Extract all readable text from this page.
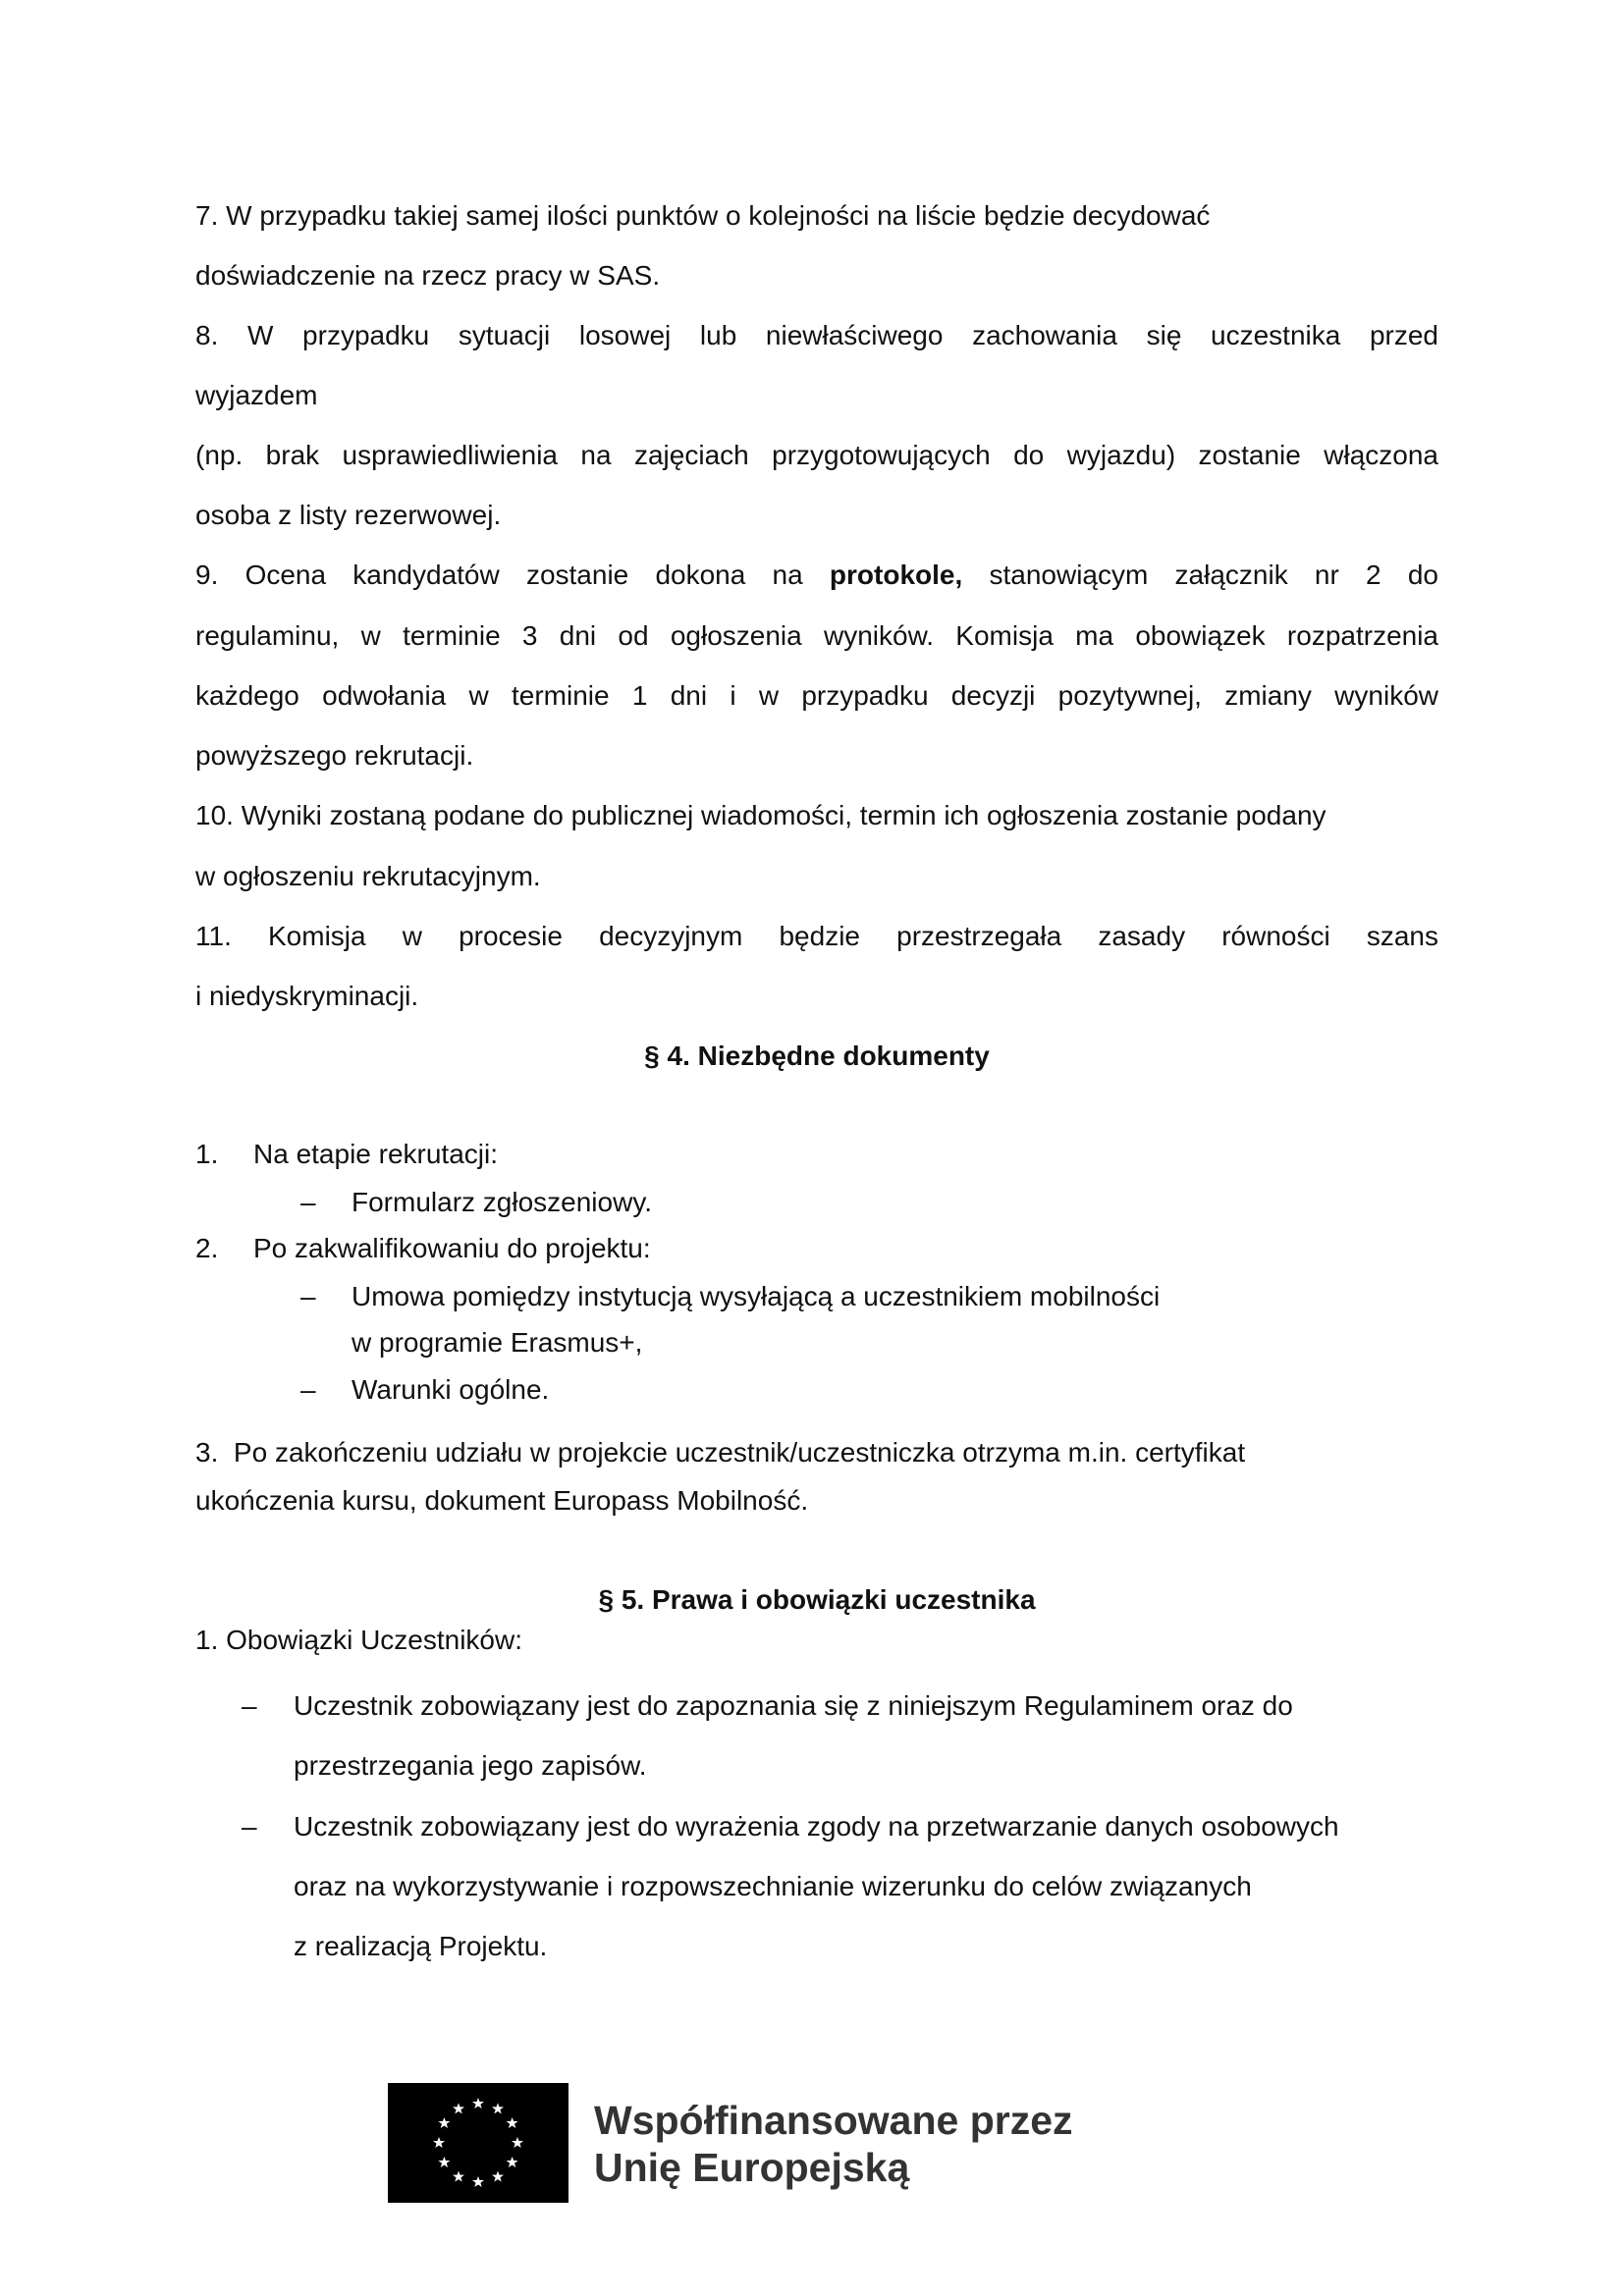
7. W przypadku takiej samej ilości punktów o kolejności na liście będzie decydować
doświadczenie na rzecz pracy w SAS.
8. W przypadku sytuacji losowej lub niewłaściwego zachowania się uczestnika przed
wyjazdem
(np. brak usprawiedliwienia na zajęciach przygotowujących do wyjazdu) zostanie włączona
osoba z listy rezerwowej.
9. Ocena kandydatów zostanie dokona na protokole, stanowiącym załącznik nr 2 do
regulaminu, w terminie 3 dni od ogłoszenia wyników. Komisja ma obowiązek rozpatrzenia
każdego odwołania w terminie 1 dni i w przypadku decyzji pozytywnej, zmiany wyników
powyższego rekrutacji.
10. Wyniki zostaną podane do publicznej wiadomości, termin ich ogłoszenia zostanie podany
w ogłoszeniu rekrutacyjnym.
11. Komisja w procesie decyzyjnym będzie przestrzegała zasady równości szans
i niedyskryminacji.
§ 4. Niezbędne dokumenty
1. Na etapie rekrutacji:
– Formularz zgłoszeniowy.
2. Po zakwalifikowaniu do projektu:
– Umowa pomiędzy instytucją wysyłającą a uczestnikiem mobilności
w programie Erasmus+,
– Warunki ogólne.
3.  Po zakończeniu udziału w projekcie uczestnik/uczestniczka otrzyma m.in. certyfikat
ukończenia kursu, dokument Europass Mobilność.
§ 5. Prawa i obowiązki uczestnika
1. Obowiązki Uczestników:
– Uczestnik zobowiązany jest do zapoznania się z niniejszym Regulaminem oraz do
przestrzegania jego zapisów.
– Uczestnik zobowiązany jest do wyrażenia zgody na przetwarzanie danych osobowych
oraz na wykorzystywanie i rozpowszechnianie wizerunku do celów związanych
z realizacją Projektu.
Współfinansowane przez
Unię Europejską
